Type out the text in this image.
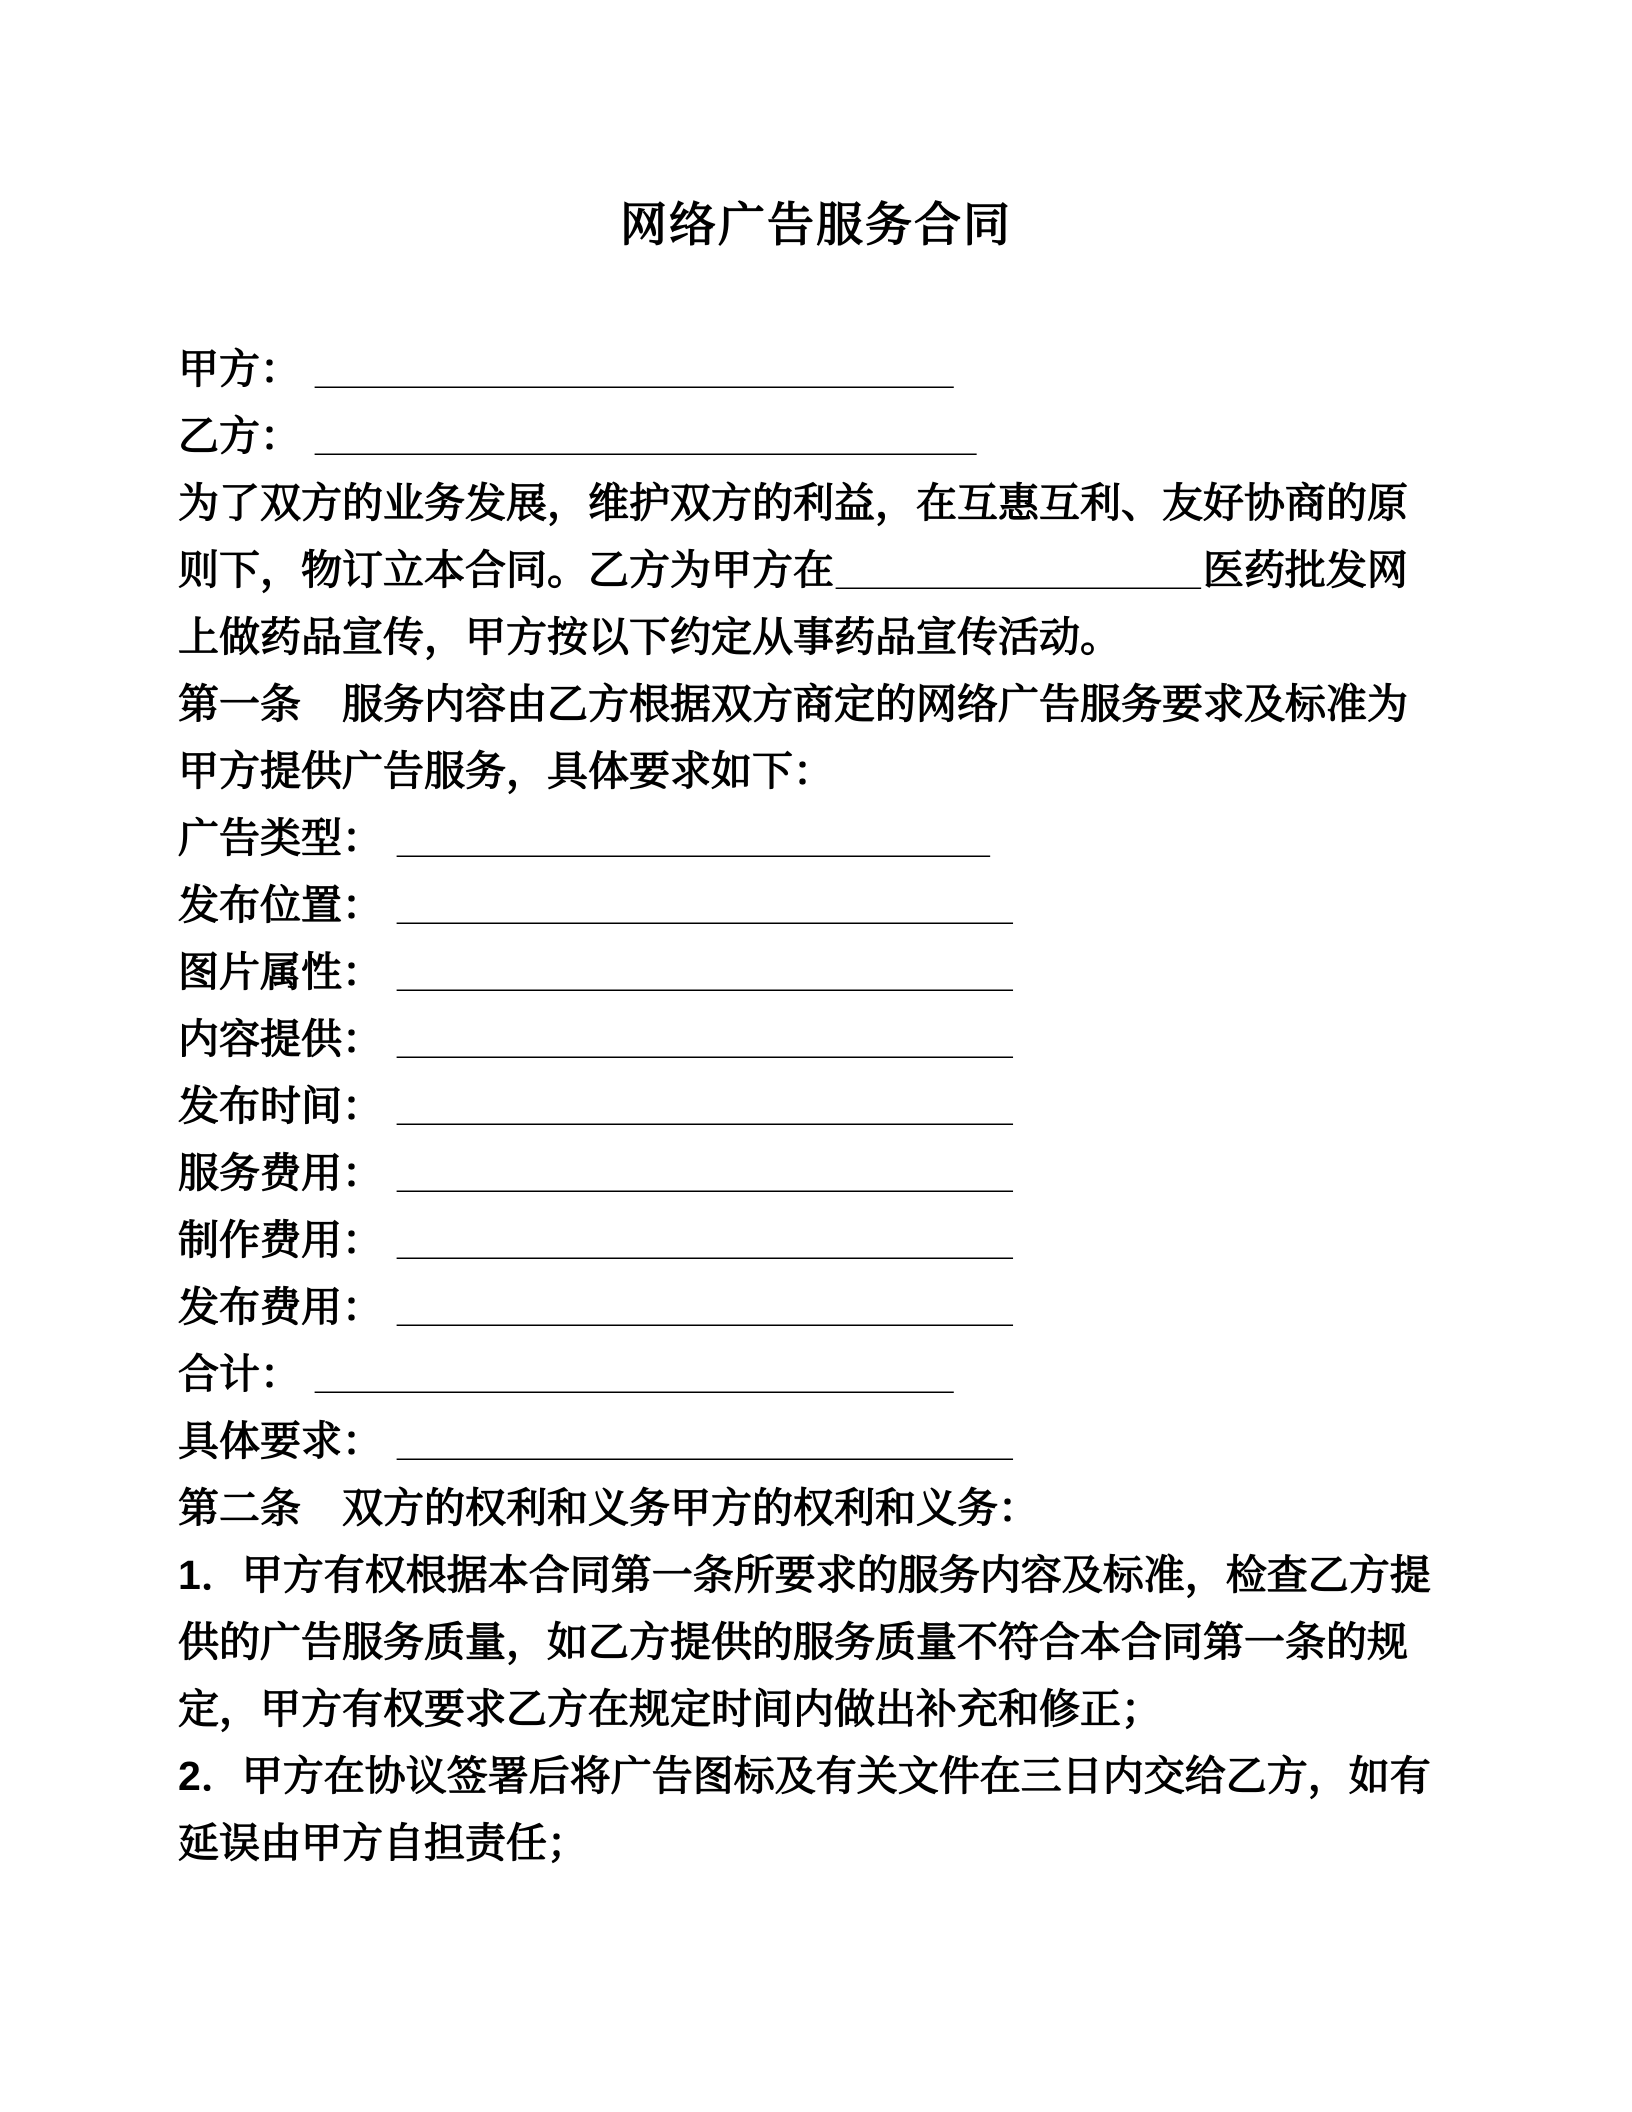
网络广告服务合同
甲方： ____________________________
乙方： _____________________________
为了双方的业务发展，维护双方的利益，在互惠互利、友好协商的原
则下，物订立本合同。乙方为甲方在________________医药批发网
上做药品宣传，甲方按以下约定从事药品宣传活动。
第一条　服务内容由乙方根据双方商定的网络广告服务要求及标准为
甲方提供广告服务，具体要求如下：
广告类型： __________________________
发布位置： ___________________________
图片属性： ___________________________
内容提供： ___________________________
发布时间： ___________________________
服务费用： ___________________________
制作费用： ___________________________
发布费用： ___________________________
合计： ____________________________
具体要求： ___________________________
第二条　双方的权利和义务甲方的权利和义务：
1．甲方有权根据本合同第一条所要求的服务内容及标准，检查乙方提
供的广告服务质量，如乙方提供的服务质量不符合本合同第一条的规
定，甲方有权要求乙方在规定时间内做出补充和修正；
2．甲方在协议签署后将广告图标及有关文件在三日内交给乙方，如有
延误由甲方自担责任；
